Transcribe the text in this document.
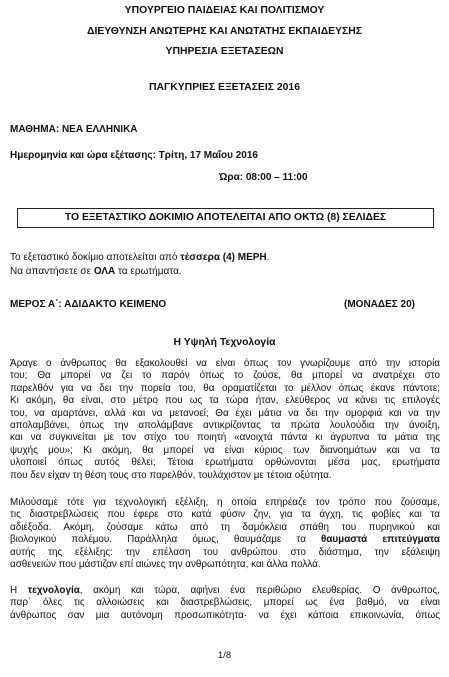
ΥΠΟΥΡΓΕΙΟ ΠΑΙΔΕΙΑΣ ΚΑΙ ΠΟΛΙΤΙΣΜΟΥ
ΔΙΕΥΘΥΝΣΗ ΑΝΩΤΕΡΗΣ ΚΑΙ ΑΝΩΤΑΤΗΣ ΕΚΠΑΙΔΕΥΣΗΣ
ΥΠΗΡΕΣΙΑ ΕΞΕΤΑΣΕΩΝ
ΠΑΓΚΥΠΡΙΕΣ ΕΞΕΤΑΣΕΙΣ 2016
ΜΑΘΗΜΑ: ΝΕΑ ΕΛΛΗΝΙΚΑ
Ημερομηνία και ώρα εξέτασης: Τρίτη, 17 Μαΐου 2016
Ώρα: 08:00 – 11:00
ΤΟ ΕΞΕΤΑΣΤΙΚΟ ΔΟΚΙΜΙΟ ΑΠΟΤΕΛΕΙΤΑΙ ΑΠΟ ΟΚΤΩ (8) ΣΕΛΙΔΕΣ
Το εξεταστικό δοκίμιο αποτελείται από τέσσερα (4) ΜΕΡΗ.
Να απαντήσετε σε ΟΛΑ τα ερωτήματα.
ΜΕΡΟΣ Α΄: ΑΔΙΔΑΚΤΟ ΚΕΙΜΕΝΟ	(ΜΟΝΑΔΕΣ 20)
Η Υψηλή Τεχνολογία
Άραγε ο άνθρωπος θα εξακολουθεί να είναι όπως τον γνωρίζουμε από την ιστορία
του; Θα μπορεί να ζει το παρόν όπως το ζούσε, θα μπορεί να ανατρέχει στο
παρελθόν για να δει την πορεία του, θα οραματίζεται το μέλλον όπως έκανε πάντοτε;
Κι ακόμη, θα είναι, στο μέτρο που ως τα τώρα ήταν, ελεύθερος να κάνει τις επιλογές
του, να αμαρτάνει, αλλά και να μετανοεί; Θα έχει μάτια να δει την ομορφιά και να την
απολαμβάνει, όπως την απολάμβανε αντικρίζοντας τα πρώτα λουλούδια την άνοιξη,
και να συγκινείται με τον στίχο του ποιητή «ανοιχτά πάντα κι άγρυπνα τα μάτια της
ψυχής μου»; Κι ακόμη, θα μπορεί να είναι κύριος των διανοημάτων και να τα
υλοποιεί όπως αυτός θέλει; Τέτοια ερωτήματα ορθώνονται μέσα μας, ερωτήματα
που δεν είχαν τη θέση τους στο παρελθόν, τουλάχιστον με τέτοια οξύτητα.
Μιλούσαμε τότε για τεχνολογική εξέλιξη, η οποία επηρέαζε τον τρόπο που ζούσαμε,
τις διαστρεβλώσεις που έφερε στο κατά φύσιν ζην, για τα άγχη, τις φοβίες και τα
αδιέξοδα. Ακόμη, ζούσαμε κάτω από τη δαμόκλεια σπάθη του πυρηνικού και
βιολογικού πολέμου. Παράλληλα όμως, θαυμάζαμε τα θαυμαστά επιτεύγματα
αυτής της εξέλιξης: την επέλαση του ανθρώπου στο διάστημα, την εξάλειψη
ασθενειών που μάστιζαν επί αιώνες την ανθρωπότητα, και άλλα πολλά.
Η τεχνολογία, ακόμη και τώρα, αφήνει ένα περιθώριο ελευθερίας. Ο άνθρωπος,
παρ΄ όλες τις αλλοιώσεις και διαστρεβλώσεις, μπορεί ως ένα βαθμό, να είναι
άνθρωπος σαν μια αυτόνομη προσωπικότητα· να έχει κάποια επικοινωνία, όπως
1/8
